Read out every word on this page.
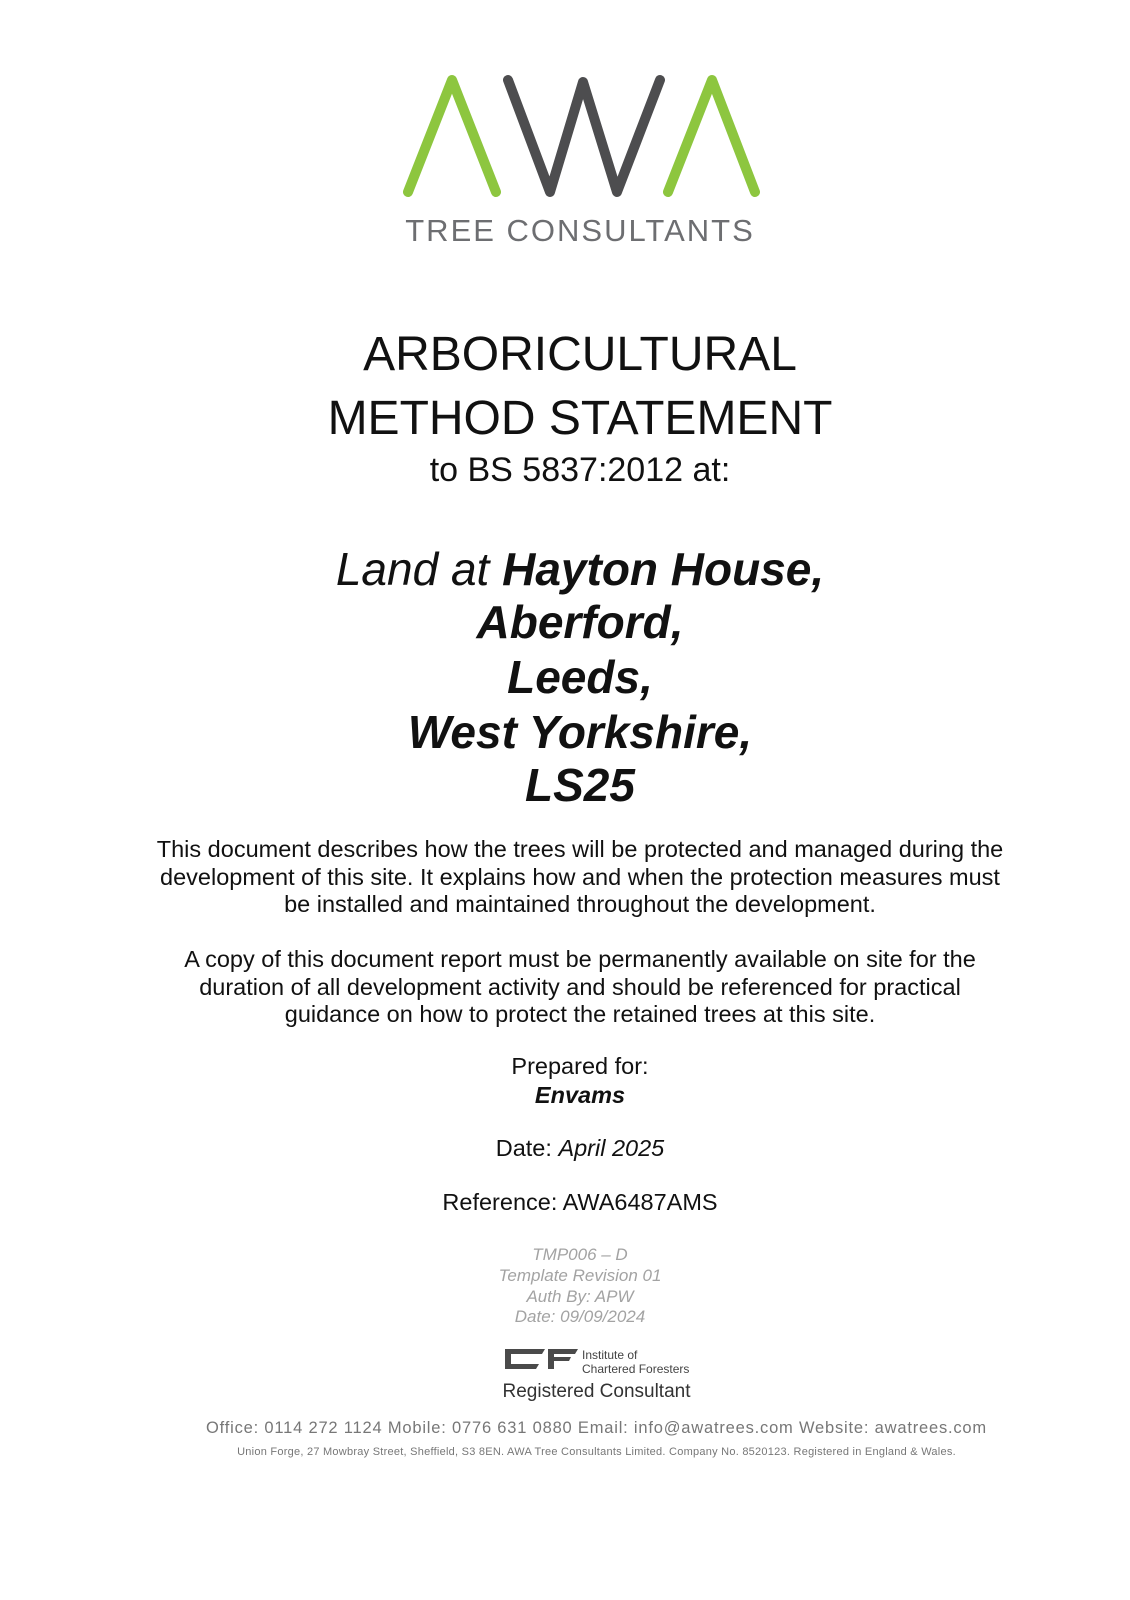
TREE CONSULTANTS
ARBORICULTURAL
METHOD STATEMENT
to BS 5837:2012 at:
Land at Hayton House,
Aberford,
Leeds,
West Yorkshire,
LS25
This document describes how the trees will be protected and managed during the
development of this site. It explains how and when the protection measures must
be installed and maintained throughout the development.
A copy of this document report must be permanently available on site for the
duration of all development activity and should be referenced for practical
guidance on how to protect the retained trees at this site.
Prepared for:
Envams
Date: April 2025
Reference: AWA6487AMS
TMP006 – D
Template Revision 01
Auth By: APW
Date: 09/09/2024
Institute of
Chartered Foresters
Registered Consultant
Office: 0114 272 1124 Mobile: 0776 631 0880 Email: info@awatrees.com Website: awatrees.com
Union Forge, 27 Mowbray Street, Sheffield, S3 8EN. AWA Tree Consultants Limited. Company No. 8520123. Registered in England & Wales.
